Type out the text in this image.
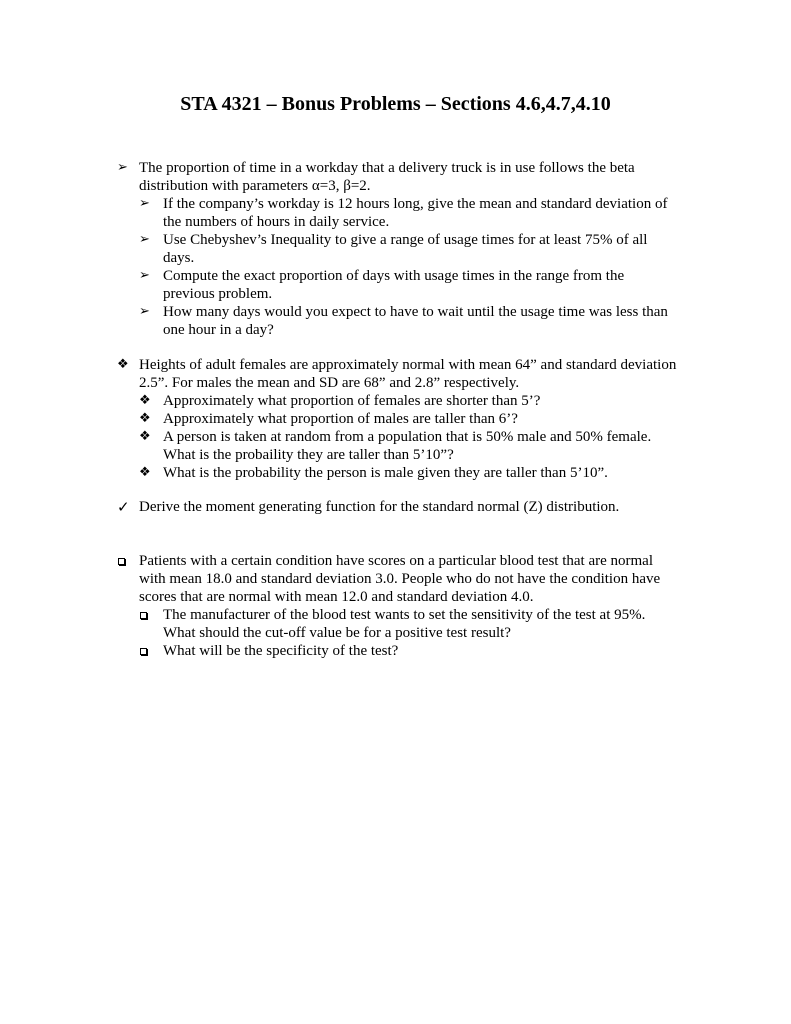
STA 4321 – Bonus Problems – Sections 4.6,4.7,4.10
➢ The proportion of time in a workday that a delivery truck is in use follows the beta distribution with parameters α=3, β=2.
➢ If the company’s workday is 12 hours long, give the mean and standard deviation of the numbers of hours in daily service.
➢ Use Chebyshev’s Inequality to give a range of usage times for at least 75% of all days.
➢ Compute the exact proportion of days with usage times in the range from the previous problem.
➢ How many days would you expect to have to wait until the usage time was less than one hour in a day?
❖ Heights of adult females are approximately normal with mean 64” and standard deviation 2.5”. For males the mean and SD are 68” and 2.8” respectively.
❖ Approximately what proportion of females are shorter than 5’?
❖ Approximately what proportion of males are taller than 6’?
❖ A person is taken at random from a population that is 50% male and 50% female. What is the probaility they are taller than 5’10”?
❖ What is the probability the person is male given they are taller than 5’10”.
✓ Derive the moment generating function for the standard normal (Z) distribution.
Patients with a certain condition have scores on a particular blood test that are normal with mean 18.0 and standard deviation 3.0. People who do not have the condition have scores that are normal with mean 12.0 and standard deviation 4.0.
The manufacturer of the blood test wants to set the sensitivity of the test at 95%. What should the cut-off value be for a positive test result?
What will be the specificity of the test?
